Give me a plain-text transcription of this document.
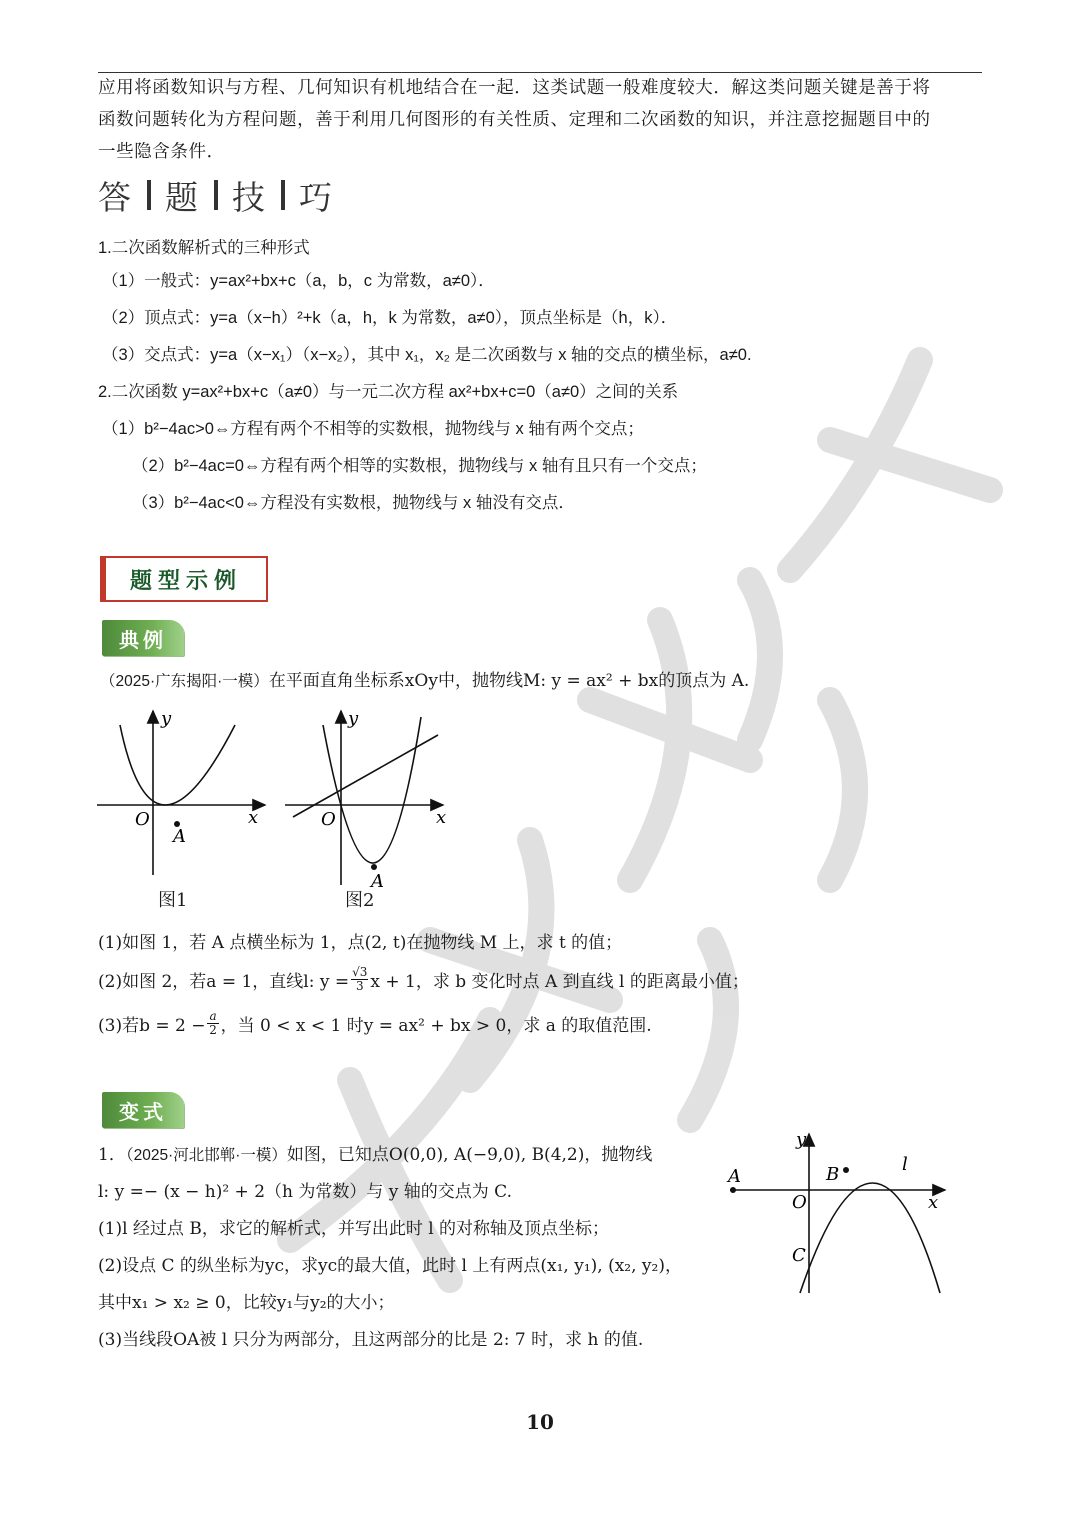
应用将函数知识与方程、几何知识有机地结合在一起．这类试题一般难度较大．解这类问题关键是善于将

函数问题转化为方程问题，善于利用几何图形的有关性质、定理和二次函数的知识，并注意挖掘题目中的

一些隐含条件．

答 题 技 巧
1.二次函数解析式的三种形式
（1）一般式：y=ax²+bx+c（a，b，c 为常数，a≠0）．
（2）顶点式：y=a（x−h）²+k（a，h，k 为常数，a≠0），顶点坐标是（h，k）．
（3）交点式：y=a（x−x₁）（x−x₂），其中 x₁，x₂ 是二次函数与 x 轴的交点的横坐标，a≠0.
2.二次函数 y=ax²+bx+c（a≠0）与一元二次方程 ax²+bx+c=0（a≠0）之间的关系
（1）b²−4ac>0⇔方程有两个不相等的实数根，抛物线与 x 轴有两个交点；
（2）b²−4ac=0⇔方程有两个相等的实数根，抛物线与 x 轴有且只有一个交点；
（3）b²−4ac<0⇔方程没有实数根，抛物线与 x 轴没有交点．
题型示例
典例
（2025·广东揭阳·一模）在平面直角坐标系xOy中，抛物线M: y = ax² + bx的顶点为 A.
y
x
O
A
图1
y
x
O
A
图2
(1)如图 1，若 A 点横坐标为 1，点(2, t)在抛物线 M 上，求 t 的值；
(2)如图 2，若a = 1，直线l: $y = \frac{√3}{3}$ x + 1，求 b 变化时点 A 到直线 l 的距离最小值；
(3)若$b = 2 - \frac{a}{2}$ ，当 0 < x < 1 时y = ax² + bx > 0，求 a 的取值范围.
变式
1．（2025·河北邯郸·一模）如图，已知点O(0,0), A(−9,0), B(4,2)，抛物线
l: y =− (x − h)² + 2（h 为常数）与 y 轴的交点为 C.
(1)l 经过点 B，求它的解析式，并写出此时 l 的对称轴及顶点坐标；
(2)设点 C 的纵坐标为yc，求yc的最大值，此时 l 上有两点(x₁, y₁), (x₂, y₂)，
其中x₁ > x₂ ≥ 0，比较y₁与y₂的大小；
(3)当线段OA被 l 只分为两部分，且这两部分的比是 2: 7 时，求 h 的值.
y
x
O
A	B
C
l
10
